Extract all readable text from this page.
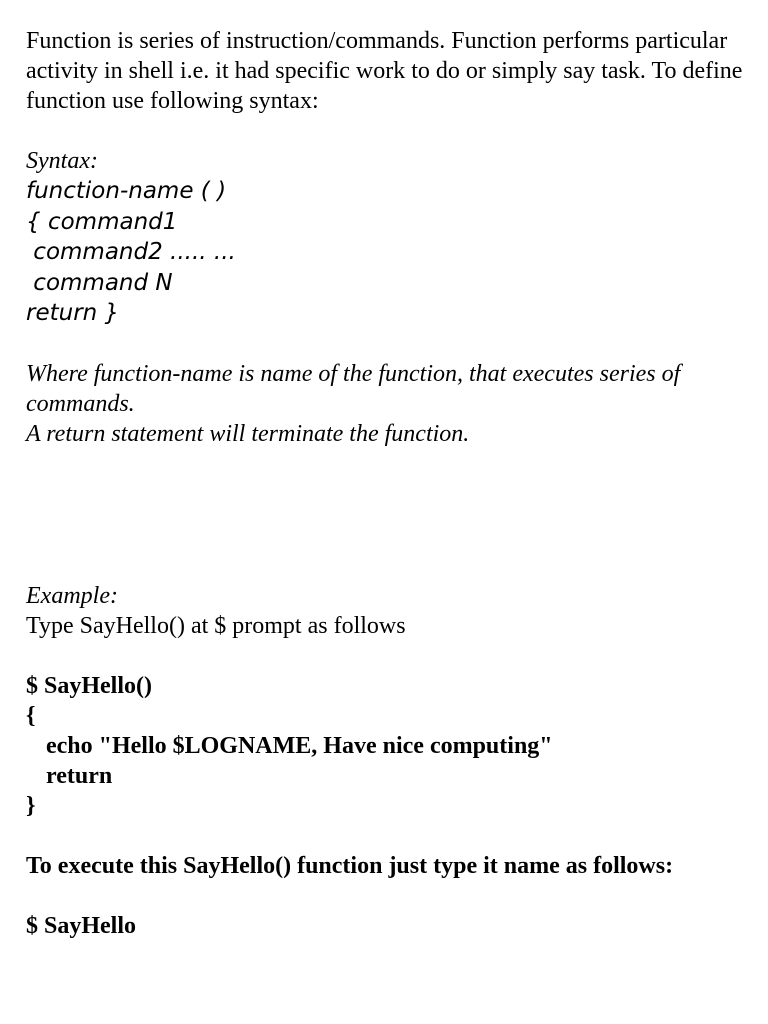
Function is series of instruction/commands. Function performs particular activity in shell i.e. it had specific work to do or simply say task. To define function use following syntax:

Syntax:

function-name ( )
{ command1
command2 ..... ...
command N
return }

Where function-name is name of the function, that executes series of commands.

A return statement will terminate the function.

Example:

Type SayHello() at $ prompt as follows

$ SayHello()
{
echo "Hello $LOGNAME, Have nice computing"
return
}

To execute this SayHello() function just type it name as follows:

$ SayHello
